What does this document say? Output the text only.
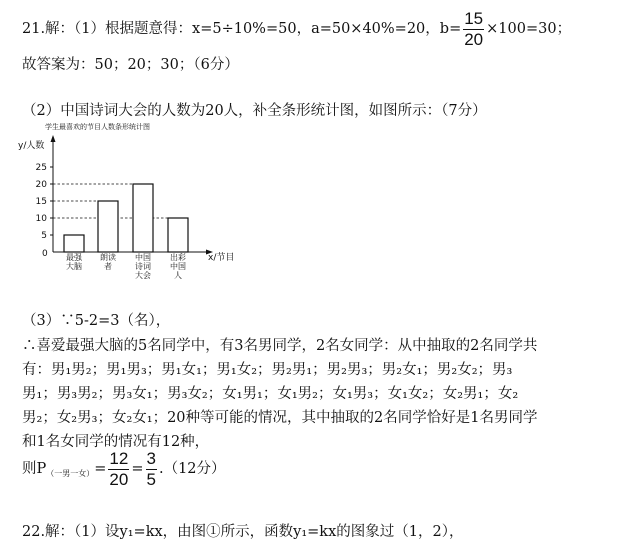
21.解：（1）根据题意得：x=5÷10%=50，a=50×40%=20，$b= \frac{15}{20} \times 100=30$；
故答案为：50；20；30；（6分）
（2）中国诗词大会的人数为20人，补全条形统计图，如图所示：（7分）
学生最喜欢的节目人数条形统计图
y/人数
x/节目
0
5
10
15
20
25
最强
大脑
朗读
者
中国
诗词
大会
出彩
中国
人
（3）∵5-2=3（名），
∴喜爱最强大脑的5名同学中，有3名男同学，2名女同学：从中抽取的2名同学共
有：男₁男₂；男₁男₃；男₁女₁；男₁女₂；男₂男₁；男₂男₃；男₂女₁；男₂女₂；男₃
男₁；男₃男₂；男₃女₁；男₃女₂；女₁男₁；女₁男₂；女₁男₃；女₁女₂；女₂男₁；女₂
男₂；女₂男₃；女₂女₁；20种等可能的情况，其中抽取的2名同学恰好是1名男同学
和1名女同学的情况有12种，
则$P_{(一男一女)}= \frac{12}{20} = \frac{3}{5} .(12$分）
22.解：（1）设y₁=kx，由图①所示，函数y₁=kx的图象过（1，2），
